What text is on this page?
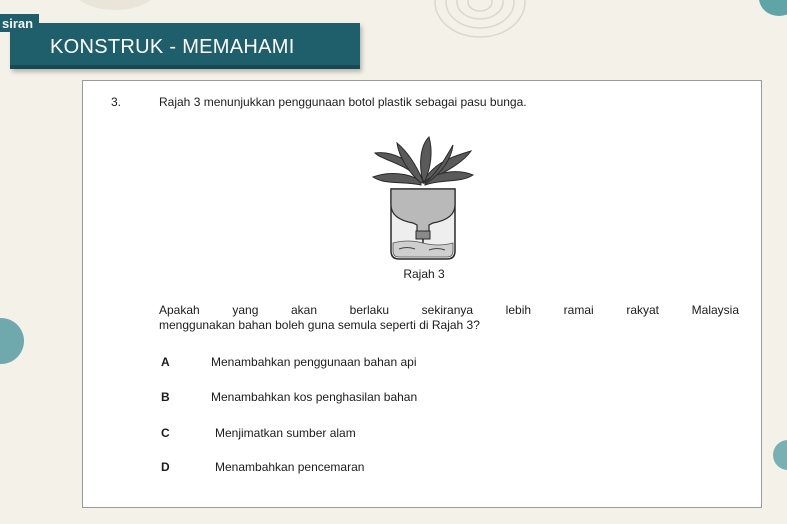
siran
KONSTRUK - MEMAHAMI
3.	Rajah 3 menunjukkan penggunaan botol plastik sebagai pasu bunga.
Rajah 3
Apakah yang akan berlaku sekiranya lebih ramai rakyat Malaysia
menggunakan bahan boleh guna semula seperti di Rajah 3?
A	Menambahkan penggunaan bahan api
B	Menambahkan kos penghasilan bahan
C	Menjimatkan sumber alam
D	Menambahkan pencemaran
